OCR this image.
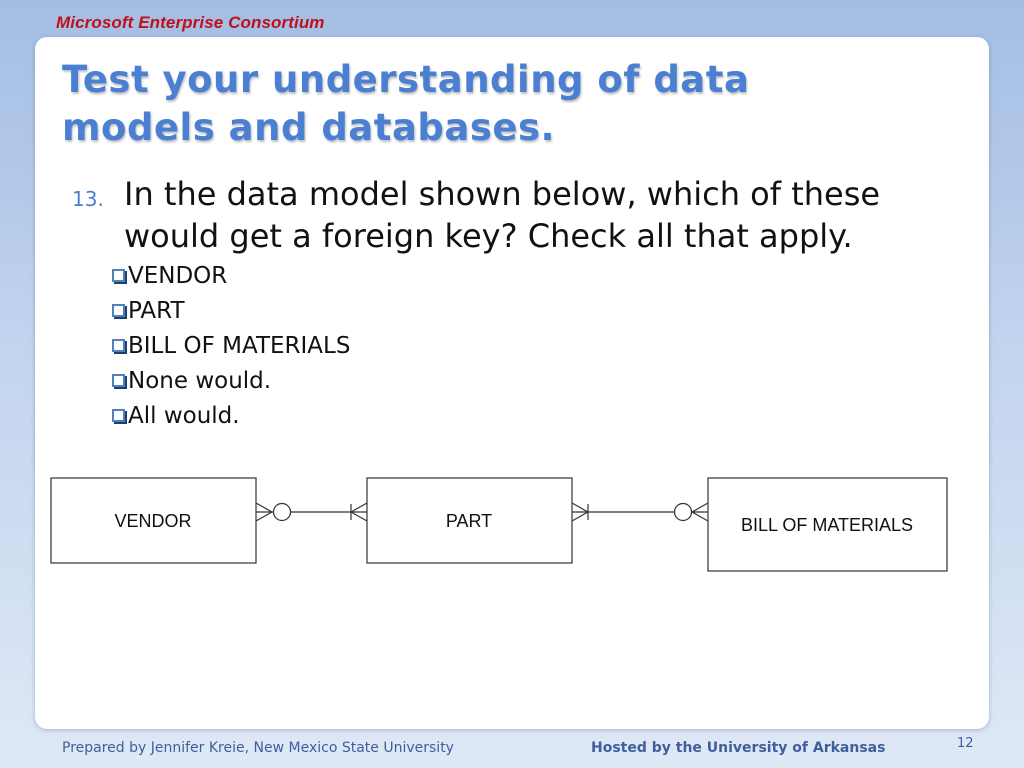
Microsoft Enterprise Consortium
Test your understanding of data
models and databases.
13. In the data model shown below, which of these
would get a foreign key? Check all that apply.

VENDOR
PART
BILL OF MATERIALS
None would.
All would.
VENDOR	PART	BILL OF MATERIALS
Prepared by Jennifer Kreie, New Mexico State University	Hosted by the University of Arkansas	12
